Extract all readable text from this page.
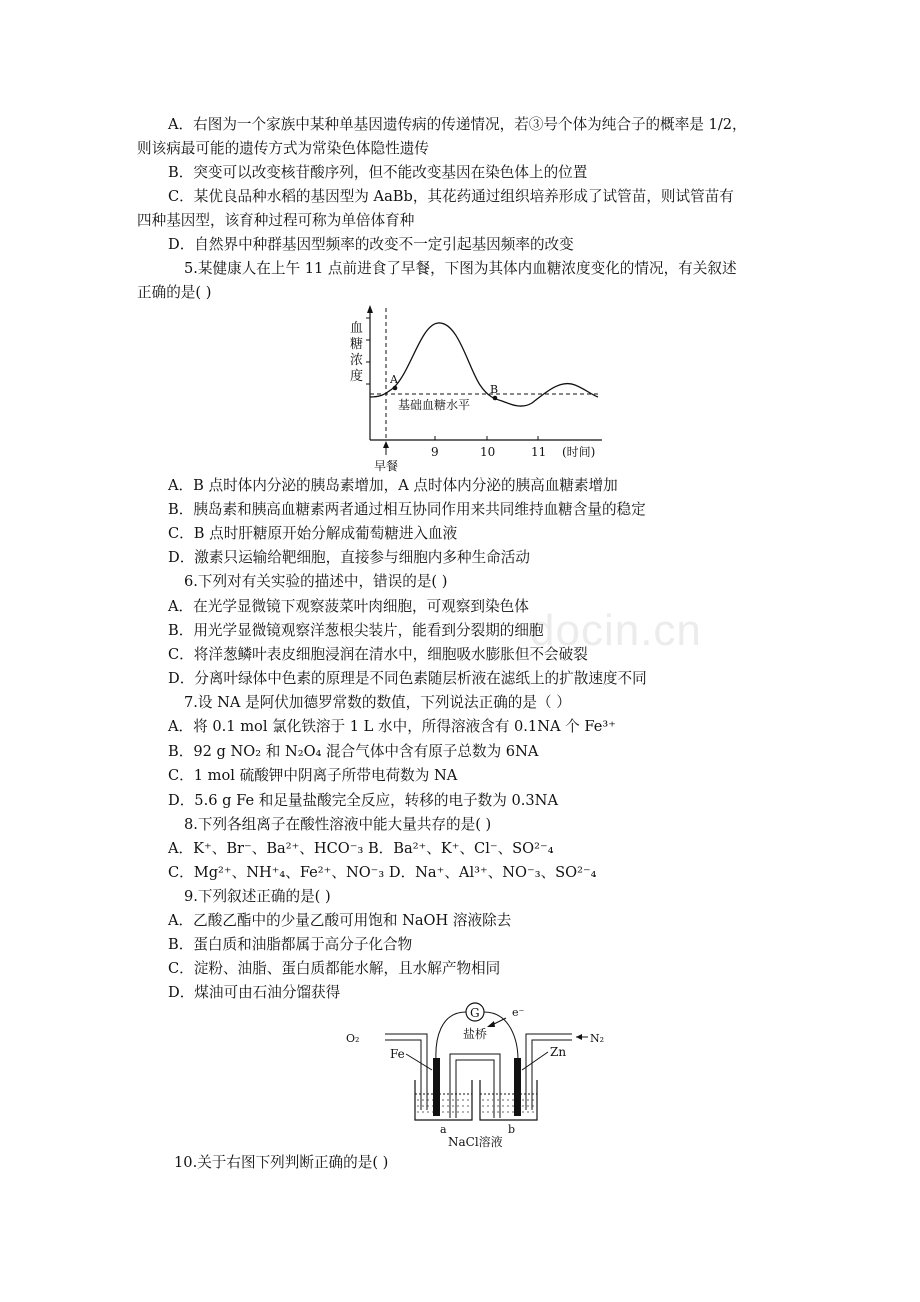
docin.cn
A．右图为一个家族中某种单基因遗传病的传递情况，若③号个体为纯合子的概率是 1/2，
则该病最可能的遗传方式为常染色体隐性遗传
B．突变可以改变核苷酸序列，但不能改变基因在染色体上的位置
C．某优良品种水稻的基因型为 AaBb，其花药通过组织培养形成了试管苗，则试管苗有
四种基因型，该育种过程可称为单倍体育种
D．自然界中种群基因型频率的改变不一定引起基因频率的改变
5.某健康人在上午 11 点前进食了早餐，下图为其体内血糖浓度变化的情况，有关叙述
正确的是( )
A．B 点时体内分泌的胰岛素增加，A 点时体内分泌的胰高血糖素增加
B．胰岛素和胰高血糖素两者通过相互协同作用来共同维持血糖含量的稳定
C．B 点时肝糖原开始分解成葡萄糖进入血液
D．激素只运输给靶细胞，直接参与细胞内多种生命活动
6.下列对有关实验的描述中，错误的是( )
A．在光学显微镜下观察菠菜叶肉细胞，可观察到染色体
B．用光学显微镜观察洋葱根尖装片，能看到分裂期的细胞
C．将洋葱鳞叶表皮细胞浸润在清水中，细胞吸水膨胀但不会破裂
D．分离叶绿体中色素的原理是不同色素随层析液在滤纸上的扩散速度不同
7.设 NA 是阿伏加德罗常数的数值，下列说法正确的是（ ）
A．将 0.1 mol 氯化铁溶于 1 L 水中，所得溶液含有 0.1NA 个 Fe³⁺
B．92 g NO₂ 和 N₂O₄ 混合气体中含有原子总数为 6NA
C．1 mol 硫酸钾中阴离子所带电荷数为 NA
D．5.6 g Fe 和足量盐酸完全反应，转移的电子数为 0.3NA
8.下列各组离子在酸性溶液中能大量共存的是( )
A．K⁺、Br⁻、Ba²⁺、HCO⁻₃ B．Ba²⁺、K⁺、Cl⁻、SO²⁻₄
C．Mg²⁺、NH⁺₄、Fe²⁺、NO⁻₃ D．Na⁺、Al³⁺、NO⁻₃、SO²⁻₄
9.下列叙述正确的是( )
A．乙酸乙酯中的少量乙酸可用饱和 NaOH 溶液除去
B．蛋白质和油脂都属于高分子化合物
C．淀粉、油脂、蛋白质都能水解，且水解产物相同
D．煤油可由石油分馏获得
10.关于右图下列判断正确的是( )
A
B
基础血糖水平
血
糖
浓
度
9	10	11 (时间)
早餐
G	e⁻
盐桥
O₂	N₂
Fe	Zn
a	b
NaCl溶液
